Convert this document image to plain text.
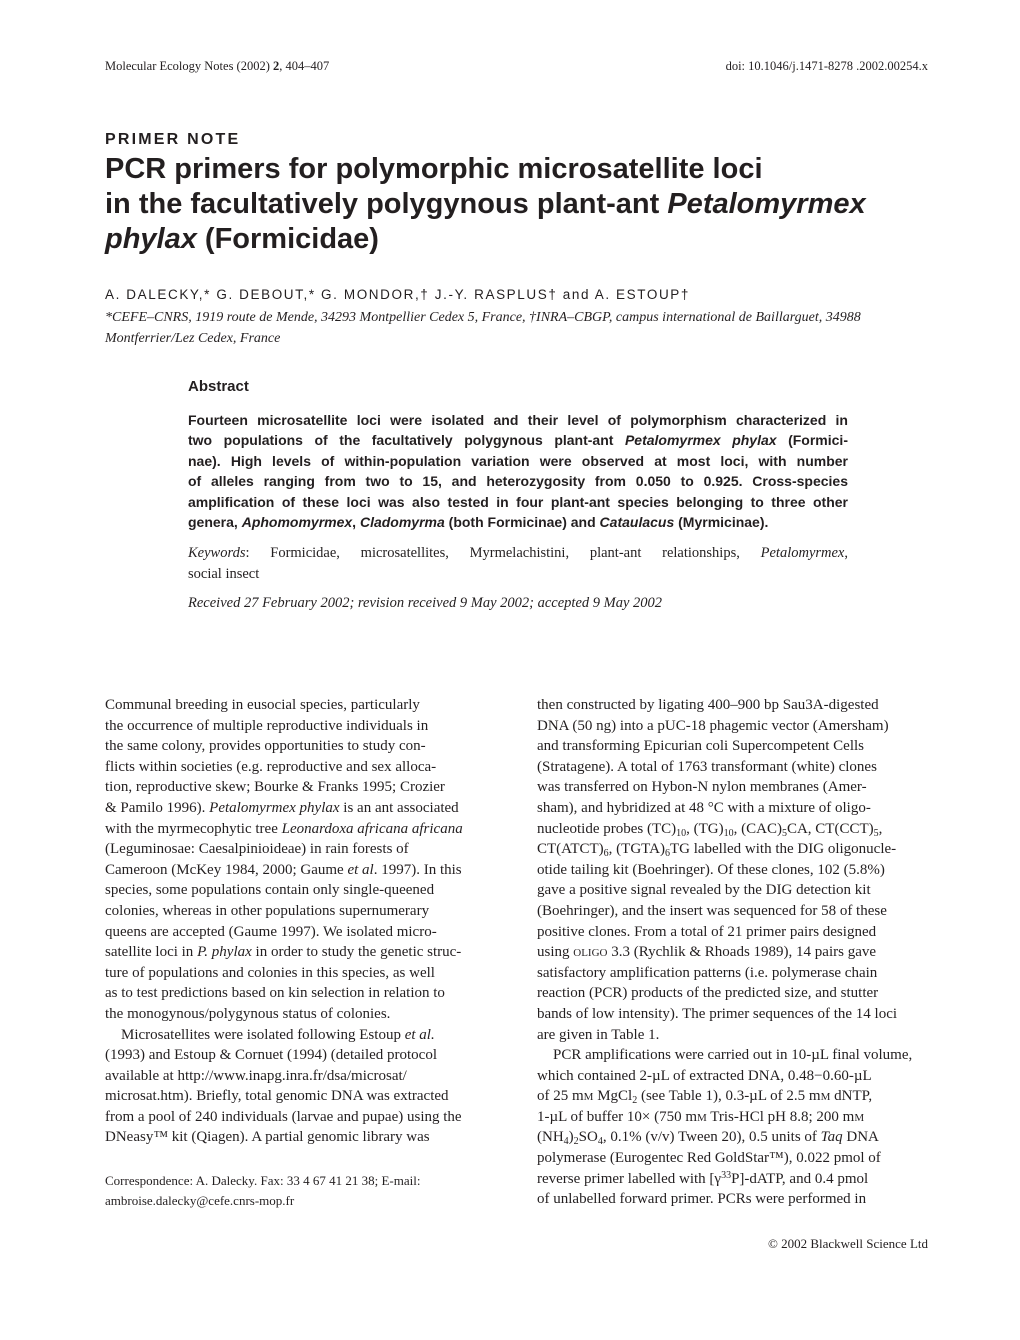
Molecular Ecology Notes (2002) 2, 404–407	doi: 10.1046/j.1471-8278 .2002.00254.x
PRIMER NOTE
PCR primers for polymorphic microsatellite loci
in the facultatively polygynous plant-ant Petalomyrmex
phylax (Formicidae)
A. DALECKY,* G. DEBOUT,* G. MONDOR,† J.-Y. RASPLUS† and A. ESTOUP†
*CEFE–CNRS, 1919 route de Mende, 34293 Montpellier Cedex 5, France, †INRA–CBGP, campus international de Baillarguet, 34988
Montferrier/Lez Cedex, France
Abstract
Fourteen microsatellite loci were isolated and their level of polymorphism characterized in
two populations of the facultatively polygynous plant-ant Petalomyrmex phylax (Formici-
nae). High levels of within-population variation were observed at most loci, with number
of alleles ranging from two to 15, and heterozygosity from 0.050 to 0.925. Cross-species
amplification of these loci was also tested in four plant-ant species belonging to three other
genera, Aphomomyrmex, Cladomyrma (both Formicinae) and Cataulacus (Myrmicinae).
Keywords: Formicidae, microsatellites, Myrmelachistini, plant-ant relationships, Petalomyrmex,
social insect
Received 27 February 2002; revision received 9 May 2002; accepted 9 May 2002
Communal breeding in eusocial species, particularly
the occurrence of multiple reproductive individuals in
the same colony, provides opportunities to study con-
flicts within societies (e.g. reproductive and sex alloca-
tion, reproductive skew; Bourke & Franks 1995; Crozier
& Pamilo 1996). Petalomyrmex phylax is an ant associated
with the myrmecophytic tree Leonardoxa africana africana
(Leguminosae: Caesalpinioideae) in rain forests of
Cameroon (McKey 1984, 2000; Gaume et al. 1997). In this
species, some populations contain only single-queened
colonies, whereas in other populations supernumerary
queens are accepted (Gaume 1997). We isolated micro-
satellite loci in P. phylax in order to study the genetic struc-
ture of populations and colonies in this species, as well
as to test predictions based on kin selection in relation to
the monogynous/polygynous status of colonies.
Microsatellites were isolated following Estoup et al.
(1993) and Estoup & Cornuet (1994) (detailed protocol
available at http://www.inapg.inra.fr/dsa/microsat/
microsat.htm). Briefly, total genomic DNA was extracted
from a pool of 240 individuals (larvae and pupae) using the
DNeasy™ kit (Qiagen). A partial genomic library was
Correspondence: A. Dalecky. Fax: 33 4 67 41 21 38; E-mail:
ambroise.dalecky@cefe.cnrs-mop.fr
then constructed by ligating 400–900 bp Sau3A-digested
DNA (50 ng) into a pUC-18 phagemic vector (Amersham)
and transforming Epicurian coli Supercompetent Cells
(Stratagene). A total of 1763 transformant (white) clones
was transferred on Hybon-N nylon membranes (Amer-
sham), and hybridized at 48 °C with a mixture of oligo-
nucleotide probes $(TC)_{10}$, $(TG)_{10}$, $(CAC)_5CA$, $CT(CCT)_5$,
$CT(ATCT)_6$, $(TGTA)_6TG$ labelled with the DIG oligonucle-
otide tailing kit (Boehringer). Of these clones, 102 (5.8%)
gave a positive signal revealed by the DIG detection kit
(Boehringer), and the insert was sequenced for 58 of these
positive clones. From a total of 21 primer pairs designed
using oligo 3.3 (Rychlik & Rhoads 1989), 14 pairs gave
satisfactory amplification patterns (i.e. polymerase chain
reaction (PCR) products of the predicted size, and stutter
bands of low intensity). The primer sequences of the 14 loci
are given in Table 1.
PCR amplifications were carried out in 10-µL final volume,
which contained 2-µL of extracted DNA, 0.48−0.60-µL
of 25 mm MgCl$_2$ (see Table 1), 0.3-µL of 2.5 mm dNTP,
1-µL of buffer 10× (750 mm Tris-HCl pH 8.8; 200 mm
$(NH_4)_2SO_4$, 0.1% (v/v) Tween 20), 0.5 units of Taq DNA
polymerase (Eurogentec Red GoldStar™), 0.022 pmol of
reverse primer labelled with $[\gamma^{33}P]$-dATP, and 0.4 pmol
of unlabelled forward primer. PCRs were performed in
© 2002 Blackwell Science Ltd
